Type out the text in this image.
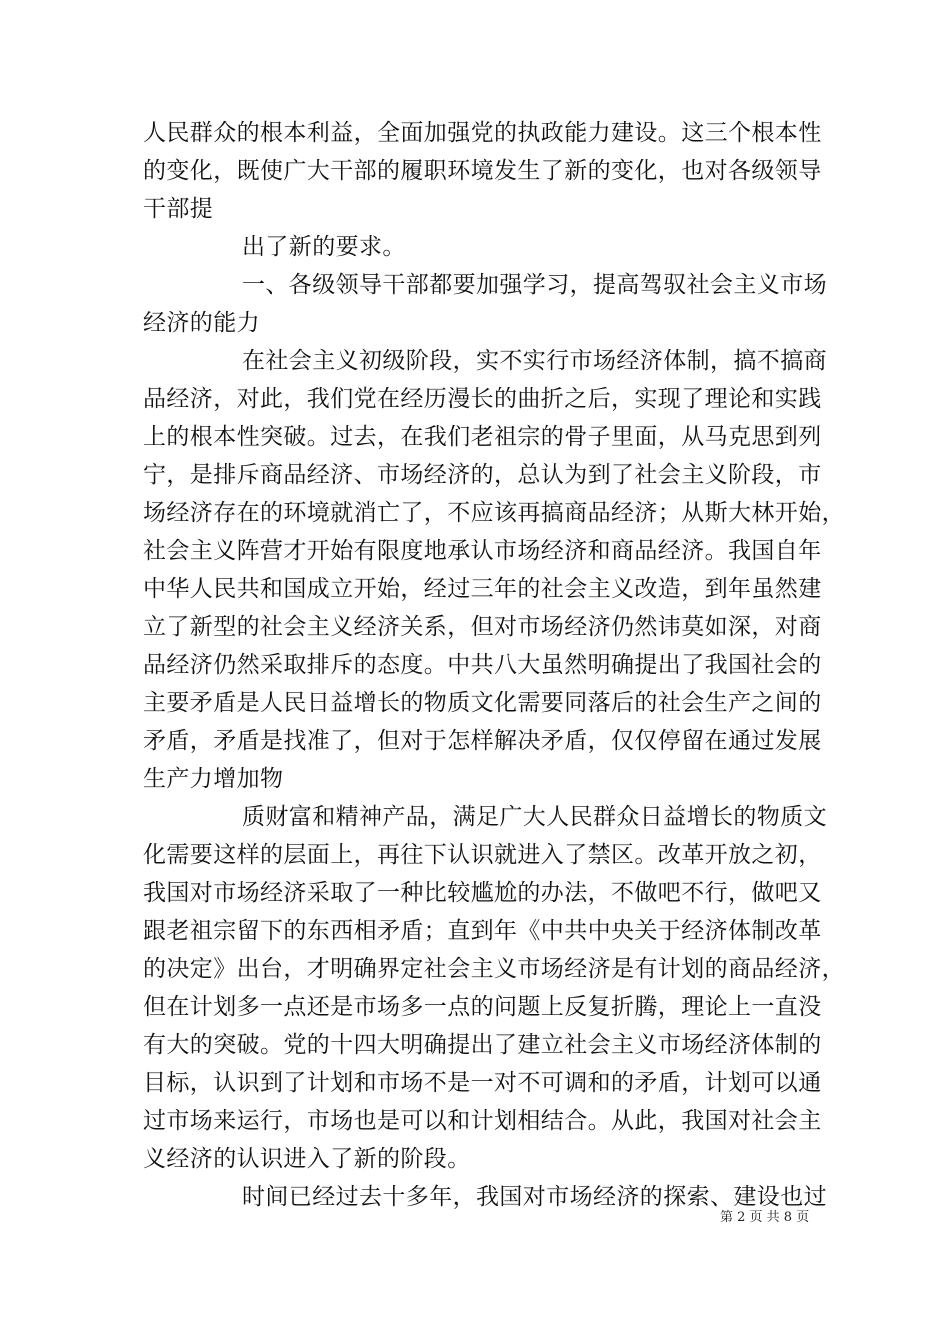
人民群众的根本利益，全面加强党的执政能力建设。这三个根本性
的变化，既使广大干部的履职环境发生了新的变化，也对各级领导
干部提
出了新的要求。
一、各级领导干部都要加强学习，提高驾驭社会主义市场
经济的能力
在社会主义初级阶段，实不实行市场经济体制，搞不搞商
品经济，对此，我们党在经历漫长的曲折之后，实现了理论和实践
上的根本性突破。过去，在我们老祖宗的骨子里面，从马克思到列
宁，是排斥商品经济、市场经济的，总认为到了社会主义阶段，市
场经济存在的环境就消亡了，不应该再搞商品经济；从斯大林开始，
社会主义阵营才开始有限度地承认市场经济和商品经济。我国自年
中华人民共和国成立开始，经过三年的社会主义改造，到年虽然建
立了新型的社会主义经济关系，但对市场经济仍然讳莫如深，对商
品经济仍然采取排斥的态度。中共八大虽然明确提出了我国社会的
主要矛盾是人民日益增长的物质文化需要同落后的社会生产之间的
矛盾，矛盾是找准了，但对于怎样解决矛盾，仅仅停留在通过发展
生产力增加物
质财富和精神产品，满足广大人民群众日益增长的物质文
化需要这样的层面上，再往下认识就进入了禁区。改革开放之初，
我国对市场经济采取了一种比较尴尬的办法，不做吧不行，做吧又
跟老祖宗留下的东西相矛盾；直到年《中共中央关于经济体制改革
的决定》出台，才明确界定社会主义市场经济是有计划的商品经济，
但在计划多一点还是市场多一点的问题上反复折腾，理论上一直没
有大的突破。党的十四大明确提出了建立社会主义市场经济体制的
目标，认识到了计划和市场不是一对不可调和的矛盾，计划可以通
过市场来运行，市场也是可以和计划相结合。从此，我国对社会主
义经济的认识进入了新的阶段。
时间已经过去十多年，我国对市场经济的探索、建设也过
第 2 页 共 8 页
